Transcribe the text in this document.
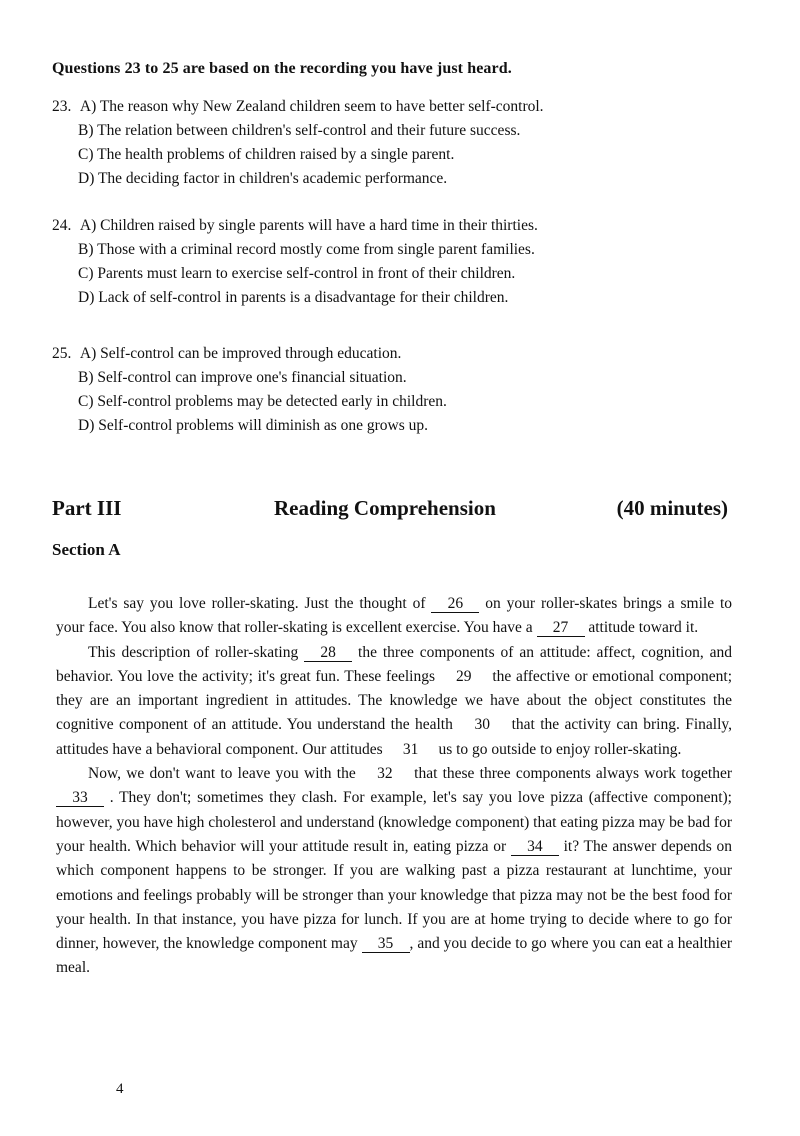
Questions 23 to 25 are based on the recording you have just heard.
23. A) The reason why New Zealand children seem to have better self-control.
B) The relation between children's self-control and their future success.
C) The health problems of children raised by a single parent.
D) The deciding factor in children's academic performance.
24. A) Children raised by single parents will have a hard time in their thirties.
B) Those with a criminal record mostly come from single parent families.
C) Parents must learn to exercise self-control in front of their children.
D) Lack of self-control in parents is a disadvantage for their children.
25. A) Self-control can be improved through education.
B) Self-control can improve one's financial situation.
C) Self-control problems may be detected early in children.
D) Self-control problems will diminish as one grows up.
Part III	Reading Comprehension	(40 minutes)
Section A

Let's say you love roller-skating. Just the thought of 26 on your roller-skates brings a smile to your face. You also know that roller-skating is excellent exercise. You have a 27 attitude toward it.

This description of roller-skating 28 the three components of an attitude: affect, cognition, and behavior. You love the activity; it's great fun. These feelings 29 the affective or emotional component; they are an important ingredient in attitudes. The knowledge we have about the object constitutes the cognitive component of an attitude. You understand the health 30 that the activity can bring. Finally, attitudes have a behavioral component. Our attitudes 31 us to go outside to enjoy roller-skating.

Now, we don't want to leave you with the 32 that these three components always work together 33 . They don't; sometimes they clash. For example, let's say you love pizza (affective component); however, you have high cholesterol and understand (knowledge component) that eating pizza may be bad for your health. Which behavior will your attitude result in, eating pizza or 34 it? The answer depends on which component happens to be stronger. If you are walking past a pizza restaurant at lunchtime, your emotions and feelings probably will be stronger than your knowledge that pizza may not be the best food for your health. In that instance, you have pizza for lunch. If you are at home trying to decide where to go for dinner, however, the knowledge component may 35 , and you decide to go where you can eat a healthier meal.

4
